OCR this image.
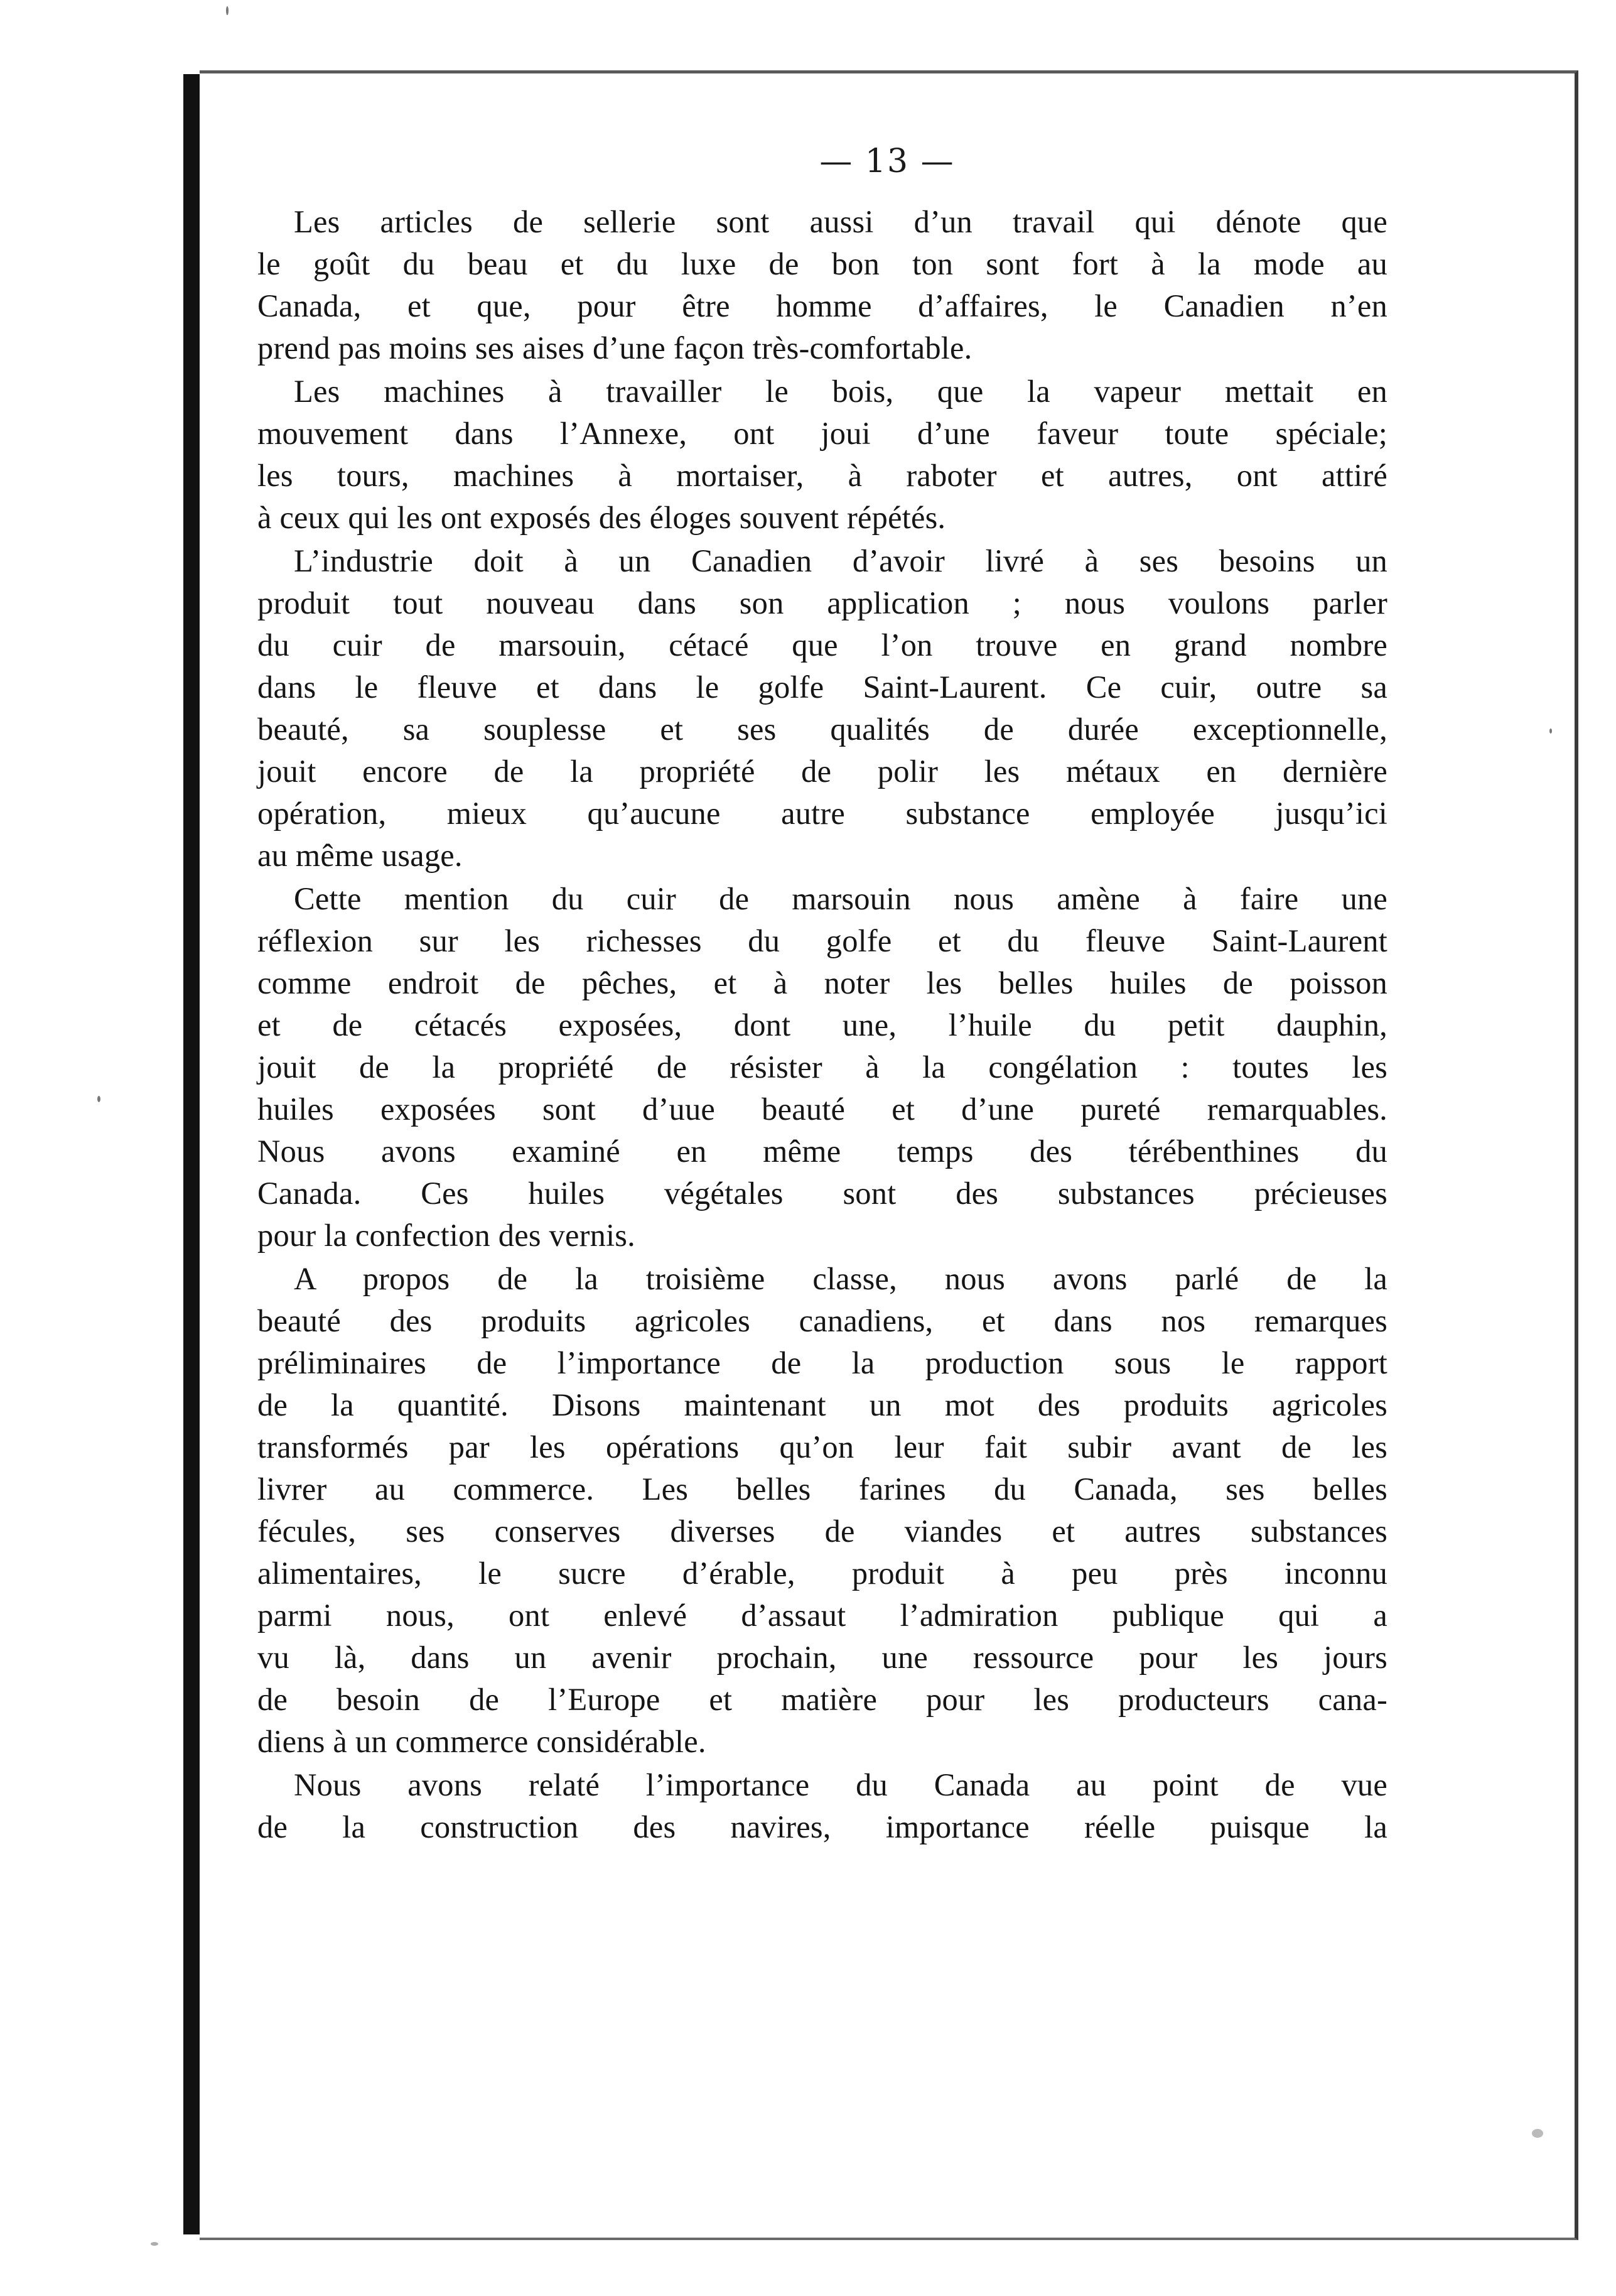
— 13 —

Les articles de sellerie sont aussi d’un travail qui dénote que
le goût du beau et du luxe de bon ton sont fort à la mode au
Canada, et que, pour être homme d’affaires, le Canadien n’en
prend pas moins ses aises d’une façon très-comfortable.

Les machines à travailler le bois, que la vapeur mettait en
mouvement dans l’Annexe, ont joui d’une faveur toute spéciale;
les tours, machines à mortaiser, à raboter et autres, ont attiré
à ceux qui les ont exposés des éloges souvent répétés.

L’industrie doit à un Canadien d’avoir livré à ses besoins un
produit tout nouveau dans son application ; nous voulons parler
du cuir de marsouin, cétacé que l’on trouve en grand nombre
dans le fleuve et dans le golfe Saint-Laurent. Ce cuir, outre sa
beauté, sa souplesse et ses qualités de durée exceptionnelle,
jouit encore de la propriété de polir les métaux en dernière
opération, mieux qu’aucune autre substance employée jusqu’ici
au même usage.

Cette mention du cuir de marsouin nous amène à faire une
réflexion sur les richesses du golfe et du fleuve Saint-Laurent
comme endroit de pêches, et à noter les belles huiles de poisson
et de cétacés exposées, dont une, l’huile du petit dauphin,
jouit de la propriété de résister à la congélation : toutes les
huiles exposées sont d’uue beauté et d’une pureté remarquables.
Nous avons examiné en même temps des térébenthines du
Canada. Ces huiles végétales sont des substances précieuses
pour la confection des vernis.

A propos de la troisième classe, nous avons parlé de la
beauté des produits agricoles canadiens, et dans nos remarques
préliminaires de l’importance de la production sous le rapport
de la quantité. Disons maintenant un mot des produits agricoles
transformés par les opérations qu’on leur fait subir avant de les
livrer au commerce. Les belles farines du Canada, ses belles
fécules, ses conserves diverses de viandes et autres substances
alimentaires, le sucre d’érable, produit à peu près inconnu
parmi nous, ont enlevé d’assaut l’admiration publique qui a
vu là, dans un avenir prochain, une ressource pour les jours
de besoin de l’Europe et matière pour les producteurs cana-
diens à un commerce considérable.

Nous avons relaté l’importance du Canada au point de vue
de la construction des navires, importance réelle puisque la
